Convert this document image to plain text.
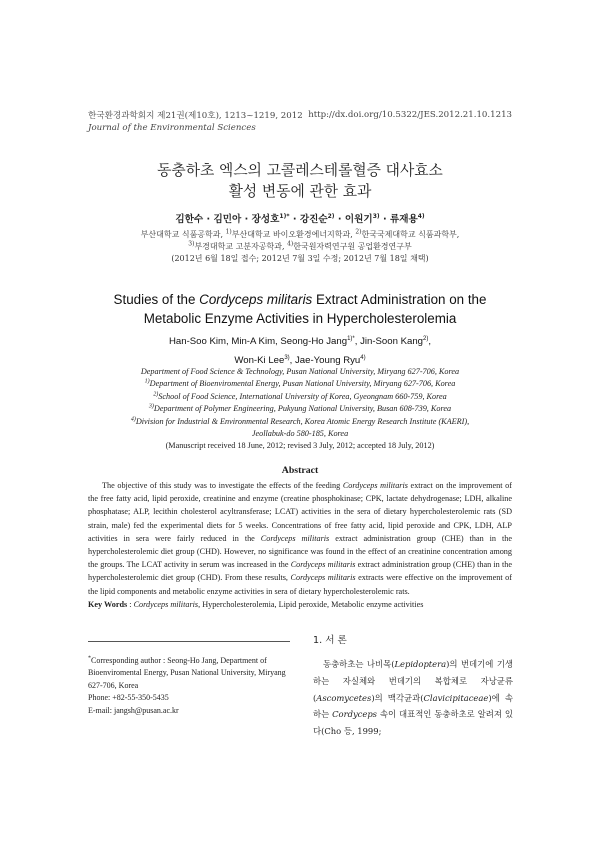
한국환경과학회지 제21권(제10호), 1213~1219, 2012
Journal of the Environmental Sciences
http://dx.doi.org/10.5322/JES.2012.21.10.1213
동충하초 엑스의 고콜레스테롤혈증 대사효소
활성 변동에 관한 효과
김한수 · 김민아 · 장성호$^{1)*}$ · 강진순$^{2)}$ · 이원기$^{3)}$ · 류재용$^{4)}$
부산대학교 식품공학과, $^{1)}$부산대학교 바이오환경에너지학과, $^{2)}$한국국제대학교 식품과학부,
$^{3)}$부경대학교 고분자공학과, $^{4)}$한국원자력연구원 공업환경연구부
(2012년 6월 18일 접수; 2012년 7월 3일 수정; 2012년 7월 18일 채택)
Studies of the Cordyceps militaris Extract Administration on the
Metabolic Enzyme Activities in Hypercholesterolemia
Han-Soo Kim, Min-A Kim, Seong-Ho Jang$^{1)*}$, Jin-Soon Kang$^{2)}$,
Won-Ki Lee$^{3)}$, Jae-Young Ryu$^{4)}$
Department of Food Science & Technology, Pusan National University, Miryang 627-706, Korea
$^{1)}$Department of Bioenviromental Energy, Pusan National University, Miryang 627-706, Korea
$^{2)}$School of Food Science, International University of Korea, Gyeongnam 660-759, Korea
$^{3)}$Department of Polymer Engineering, Pukyung National University, Busan 608-739, Korea
$^{4)}$Division for Industrial & Environmental Research, Korea Atomic Energy Research Institute (KAERI),
Jeollabuk-do 580-185, Korea
(Manuscript received 18 June, 2012; revised 3 July, 2012; accepted 18 July, 2012)
Abstract
The objective of this study was to investigate the effects of the feeding Cordyceps militaris extract on the improvement of the free fatty acid, lipid peroxide, creatinine and enzyme (creatine phosphokinase; CPK, lactate dehydrogenase; LDH, alkaline phosphatase; ALP, lecithin cholesterol acyltransferase; LCAT) activities in the sera of dietary hypercholesterolemic rats (SD strain, male) fed the experimental diets for 5 weeks. Concentrations of free fatty acid, lipid peroxide and CPK, LDH, ALP activities in sera were fairly reduced in the Cordyceps militaris extract administration group (CHE) than in the hypercholesterolemic diet group (CHD). However, no significance was found in the effect of an creatinine concentration among the groups. The LCAT activity in serum was increased in the Cordyceps militaris extract administration group (CHE) than in the hypercholesterolemic diet group (CHD). From these results, Cordyceps militaris extracts were effective on the improvement of the lipid components and metabolic enzyme activities in sera of dietary hypercholesterolemic rats.
Key Words : Cordyceps militaris, Hypercholesterolemia, Lipid peroxide, Metabolic enzyme activities
*Corresponding author : Seong-Ho Jang, Department of Bioenviromental Energy, Pusan National University, Miryang 627-706, Korea
Phone: +82-55-350-5435
E-mail: jangsh@pusan.ac.kr
1. 서 론
동충하초는 나비목(Lepidoptera)의 번데기에 기생하는 자실체와 번데기의 복합체로 자낭균류(Ascomycetes)의 맥각균과(Clavicipitaceae)에 속하는 Cordyceps 속이 대표적인 동충하초로 알려져 있다(Cho 등, 1999;
